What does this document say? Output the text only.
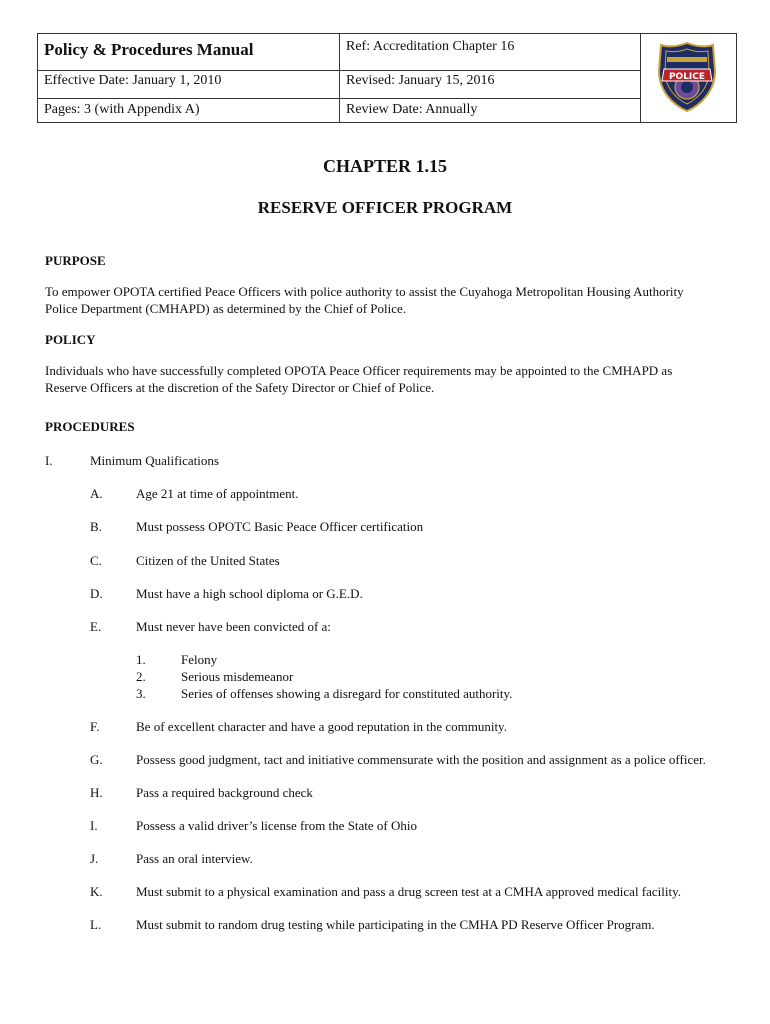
Policy & Procedures Manual	Ref: Accreditation Chapter 16
Effective Date: January 1, 2010	Revised: January 15, 2016
Pages: 3 (with Appendix A)	Review Date: Annually
POLICE
CHAPTER 1.15
RESERVE OFFICER PROGRAM
PURPOSE
To empower OPOTA certified Peace Officers with police authority to assist the Cuyahoga Metropolitan Housing Authority
Police Department (CMHAPD) as determined by the Chief of Police.
POLICY
Individuals who have successfully completed OPOTA Peace Officer requirements may be appointed to the CMHAPD as
Reserve Officers at the discretion of the Safety Director or Chief of Police.
PROCEDURES
I.	Minimum Qualifications
A.	Age 21 at time of appointment.
B.	Must possess OPOTC Basic Peace Officer certification
C.	Citizen of the United States
D.	Must have a high school diploma or G.E.D.
E.	Must never have been convicted of a:
1.	Felony
2.	Serious misdemeanor
3.	Series of offenses showing a disregard for constituted authority.
F.	Be of excellent character and have a good reputation in the community.
G.	Possess good judgment, tact and initiative commensurate with the position and assignment as a police officer.
H.	Pass a required background check
I.	Possess a valid driver’s license from the State of Ohio
J.	Pass an oral interview.
K.	Must submit to a physical examination and pass a drug screen test at a CMHA approved medical facility.
L.	Must submit to random drug testing while participating in the CMHA PD Reserve Officer Program.
